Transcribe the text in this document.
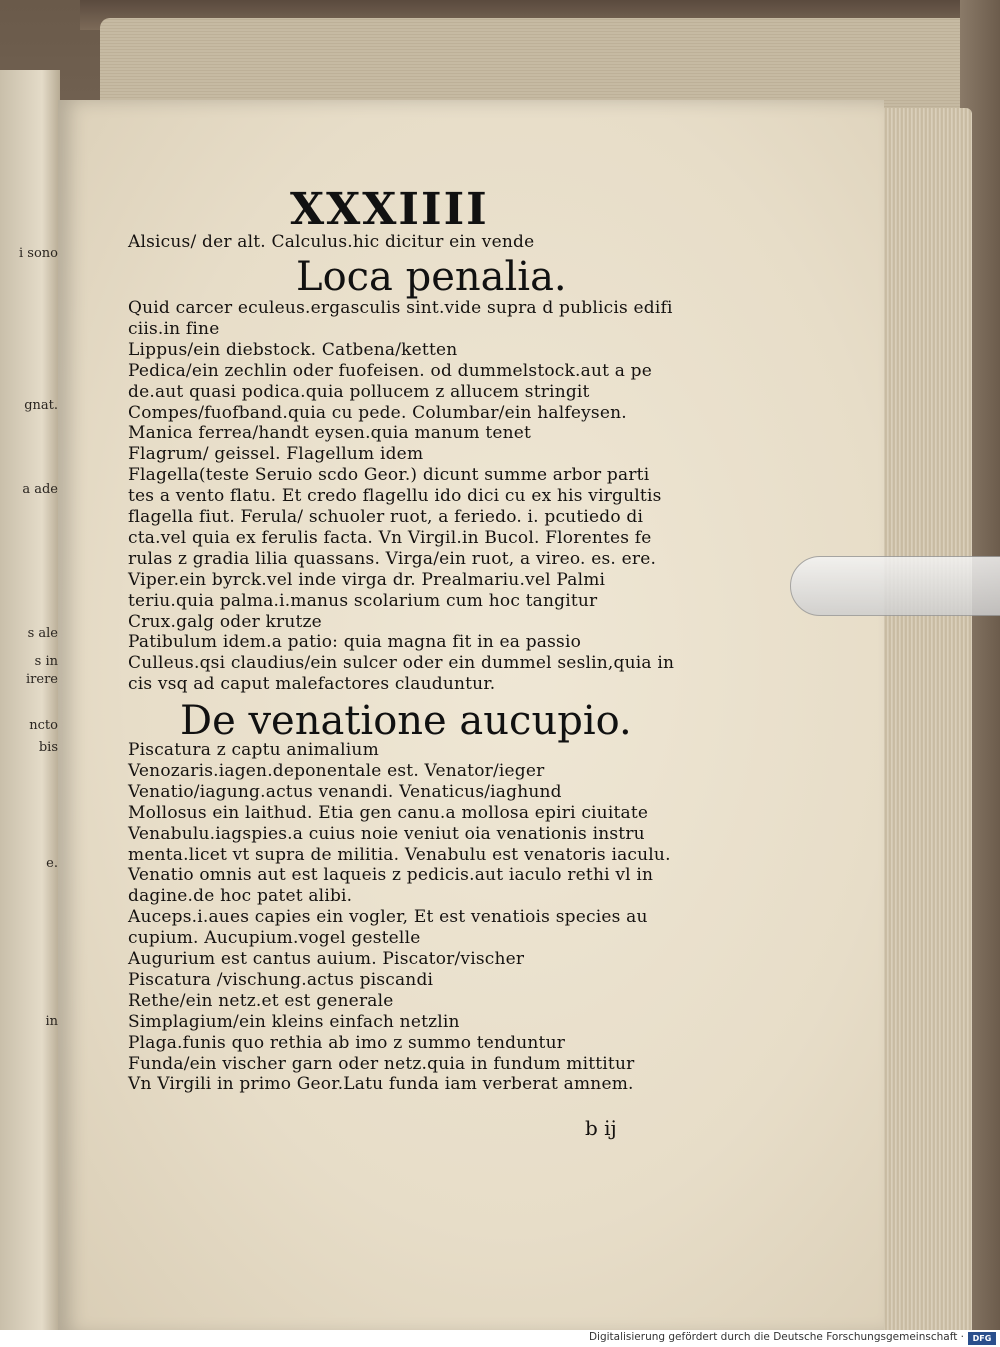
i sono
gnat.
a ade
s ale
s in
irere
ncto
bis
e.
in
XXXIIII
Alsicus/ der alt. Calculus.hic dicitur ein vende
Loca penalia.
Quid carcer eculeus.ergasculis sint.vide supra d publicis edifi
ciis.in fine
Lippus/ein diebstock. Catbena/ketten
Pedica/ein zechlin oder fuofeisen. od dummelstock.aut a pe
de.aut quasi podica.quia pollucem z allucem stringit
Compes/fuofband.quia cu pede. Columbar/ein halfeysen.
Manica ferrea/handt eysen.quia manum tenet
Flagrum/ geissel. Flagellum idem
Flagella(teste Seruio scdo Geor.) dicunt summe arbor parti
tes a vento flatu. Et credo flagellu ido dici cu ex his virgultis
flagella fiut. Ferula/ schuoler ruot, a feriedo. i. pcutiedo di
cta.vel quia ex ferulis facta. Vn Virgil.in Bucol. Florentes fe
rulas z gradia lilia quassans. Virga/ein ruot, a vireo. es. ere.
Viper.ein byrck.vel inde virga dr. Prealmariu.vel Palmi
teriu.quia palma.i.manus scolarium cum hoc tangitur
Crux.galg oder krutze
Patibulum idem.a patio: quia magna fit in ea passio
Culleus.qsi claudius/ein sulcer oder ein dummel seslin,quia in
cis vsq ad caput malefactores clauduntur.
De venatione aucupio.
Piscatura z captu animalium
Venozaris.iagen.deponentale est. Venator/ieger
Venatio/iagung.actus venandi. Venaticus/iaghund
Mollosus ein laithud. Etia gen canu.a mollosa epiri ciuitate
Venabulu.iagspies.a cuius noie veniut oia venationis instru
menta.licet vt supra de militia. Venabulu est venatoris iaculu.
Venatio omnis aut est laqueis z pedicis.aut iaculo rethi vl in
dagine.de hoc patet alibi.
Auceps.i.aues capies ein vogler, Et est venatiois species au
cupium. Aucupium.vogel gestelle
Augurium est cantus auium. Piscator/vischer
Piscatura /vischung.actus piscandi
Rethe/ein netz.et est generale
Simplagium/ein kleins einfach netzlin
Plaga.funis quo rethia ab imo z summo tenduntur
Funda/ein vischer garn oder netz.quia in fundum mittitur
Vn Virgili in primo Geor.Latu funda iam verberat amnem.
b ij
Digitalisierung gefördert durch die Deutsche Forschungsgemeinschaft ·	DFG
